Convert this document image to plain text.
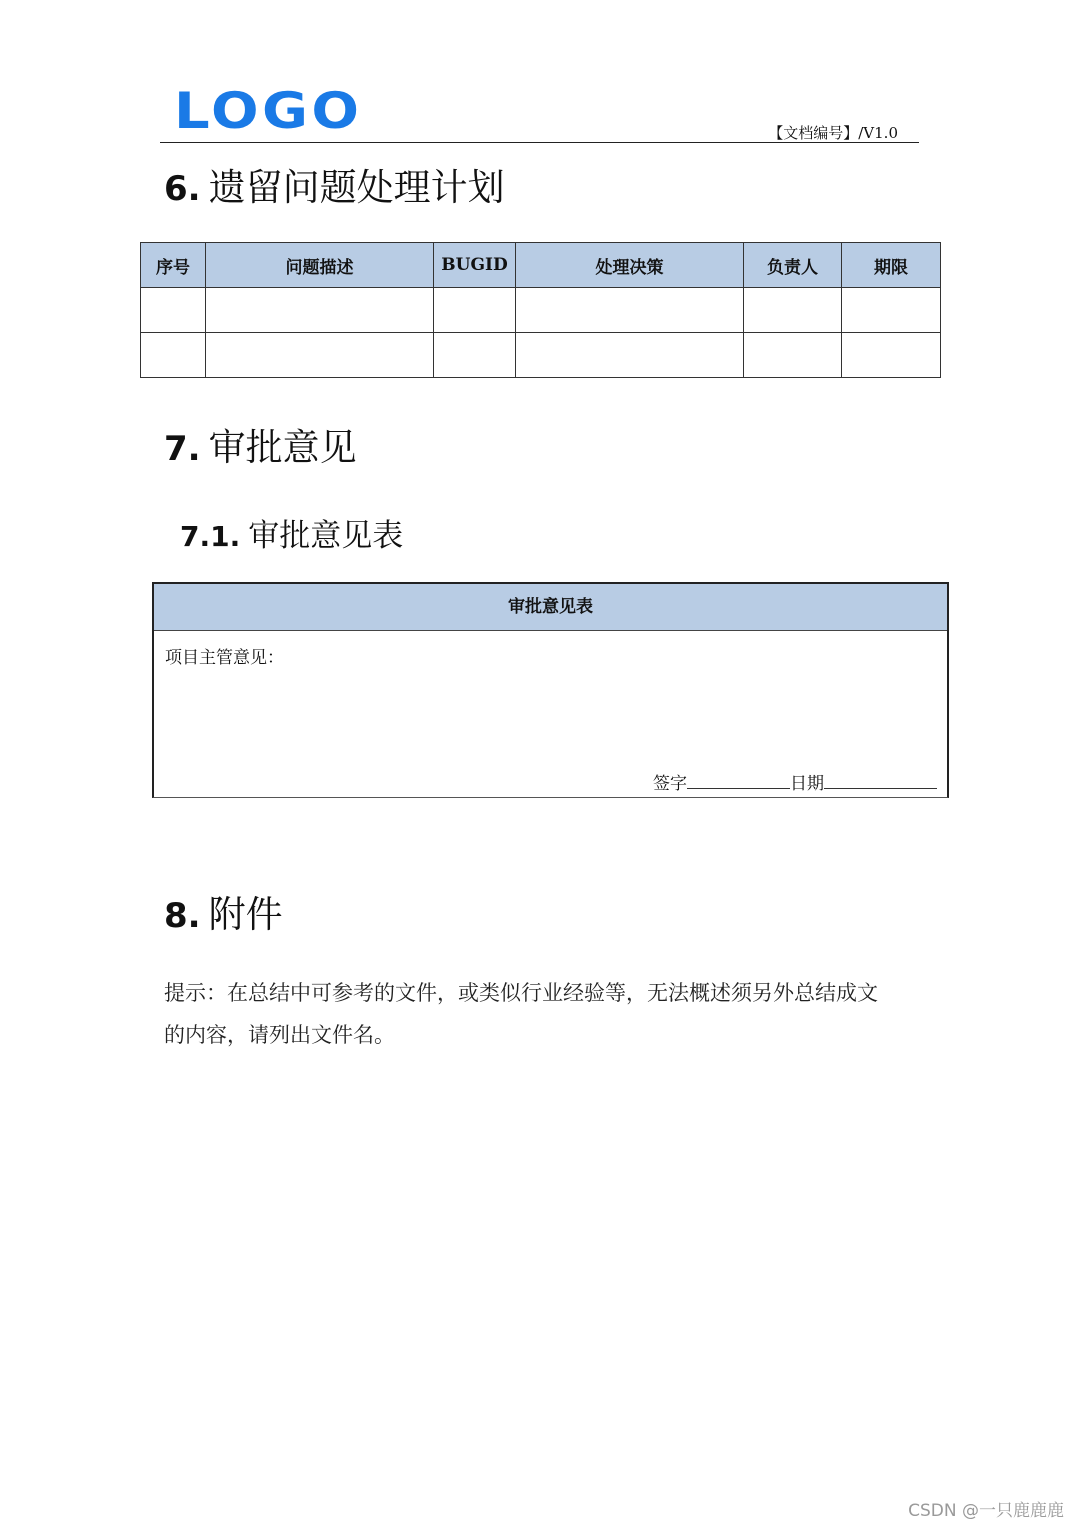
LOGO	【文档编号】/V1.0
6. 遗留问题处理计划
序号	问题描述	BUGID	处理决策	负责人	期限

7. 审批意见
7.1. 审批意见表
审批意见表
项目主管意见：
签字	日期
8. 附件
提示：在总结中可参考的文件，或类似行业经验等，无法概述须另外总结成文
的内容，请列出文件名。
CSDN @一只鹿鹿鹿
